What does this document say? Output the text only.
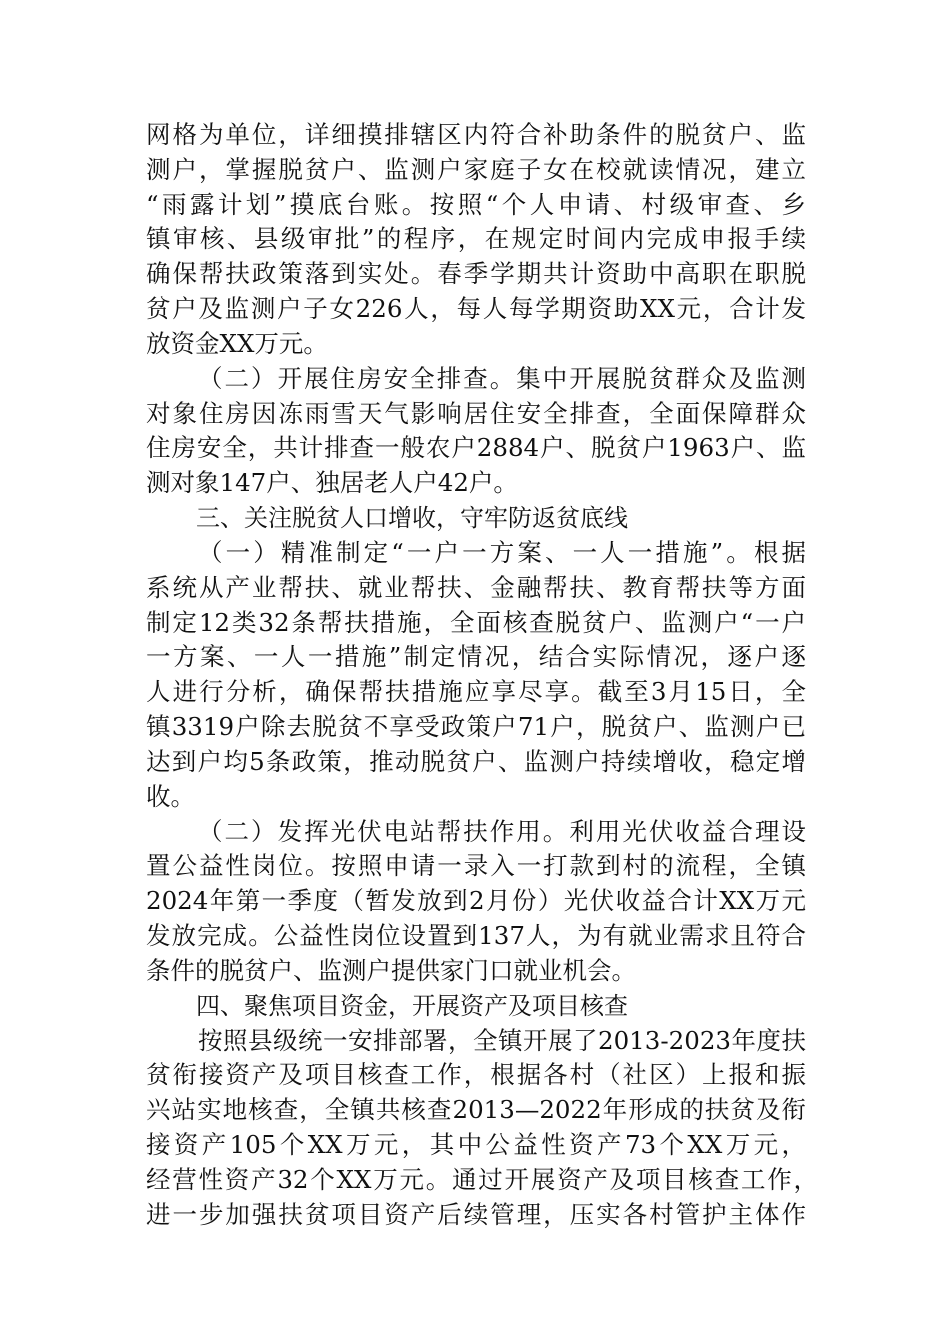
网格为单位，详细摸排辖区内符合补助条件的脱贫户、监
测户，掌握脱贫户、监测户家庭子女在校就读情况，建立
“雨露计划”摸底台账。按照“个人申请、村级审查、乡
镇审核、县级审批”的程序，在规定时间内完成申报手续
确保帮扶政策落到实处。春季学期共计资助中高职在职脱
贫户及监测户子女226人，每人每学期资助XX元，合计发
放资金XX万元。
（二）开展住房安全排查。集中开展脱贫群众及监测
对象住房因冻雨雪天气影响居住安全排查，全面保障群众
住房安全，共计排查一般农户2884户、脱贫户1963户、监
测对象147户、独居老人户42户。
三、关注脱贫人口增收，守牢防返贫底线
（一）精准制定“一户一方案、一人一措施”。根据
系统从产业帮扶、就业帮扶、金融帮扶、教育帮扶等方面
制定12类32条帮扶措施，全面核查脱贫户、监测户“一户
一方案、一人一措施”制定情况，结合实际情况，逐户逐
人进行分析，确保帮扶措施应享尽享。截至3月15日，全
镇3319户除去脱贫不享受政策户71户，脱贫户、监测户已
达到户均5条政策，推动脱贫户、监测户持续增收，稳定增
收。
（二）发挥光伏电站帮扶作用。利用光伏收益合理设
置公益性岗位。按照申请一录入一打款到村的流程，全镇
2024年第一季度（暂发放到2月份）光伏收益合计XX万元
发放完成。公益性岗位设置到137人，为有就业需求且符合
条件的脱贫户、监测户提供家门口就业机会。
四、聚焦项目资金，开展资产及项目核查
按照县级统一安排部署，全镇开展了2013-2023年度扶
贫衔接资产及项目核查工作，根据各村（社区）上报和振
兴站实地核查，全镇共核查2013—2022年形成的扶贫及衔
接资产105个XX万元，其中公益性资产73个XX万元，
经营性资产32个XX万元。通过开展资产及项目核查工作，
进一步加强扶贫项目资产后续管理，压实各村管护主体作
